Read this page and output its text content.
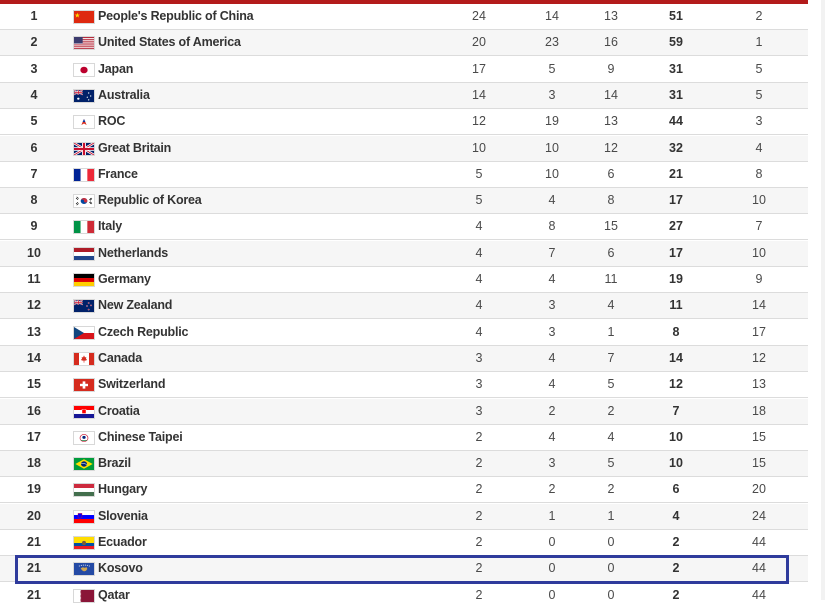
1	People's Republic of China	24	14	13	51	2
2	United States of America	20	23	16	59	1
3	Japan	17	5	9	31	5
4	Australia	14	3	14	31	5
5	ROC	12	19	13	44	3
6	Great Britain	10	10	12	32	4
7	France	5	10	6	21	8
8	Republic of Korea	5	4	8	17	10
9	Italy	4	8	15	27	7
10	Netherlands	4	7	6	17	10
11	Germany	4	4	11	19	9
12	New Zealand	4	3	4	11	14
13	Czech Republic	4	3	1	8	17
14	Canada	3	4	7	14	12
15	Switzerland	3	4	5	12	13
16	Croatia	3	2	2	7	18
17	Chinese Taipei	2	4	4	10	15
18	Brazil	2	3	5	10	15
19	Hungary	2	2	2	6	20
20	Slovenia	2	1	1	4	24
21	Ecuador	2	0	0	2	44
21	Kosovo	2	0	0	2	44
21	Qatar	2	0	0	2	44
